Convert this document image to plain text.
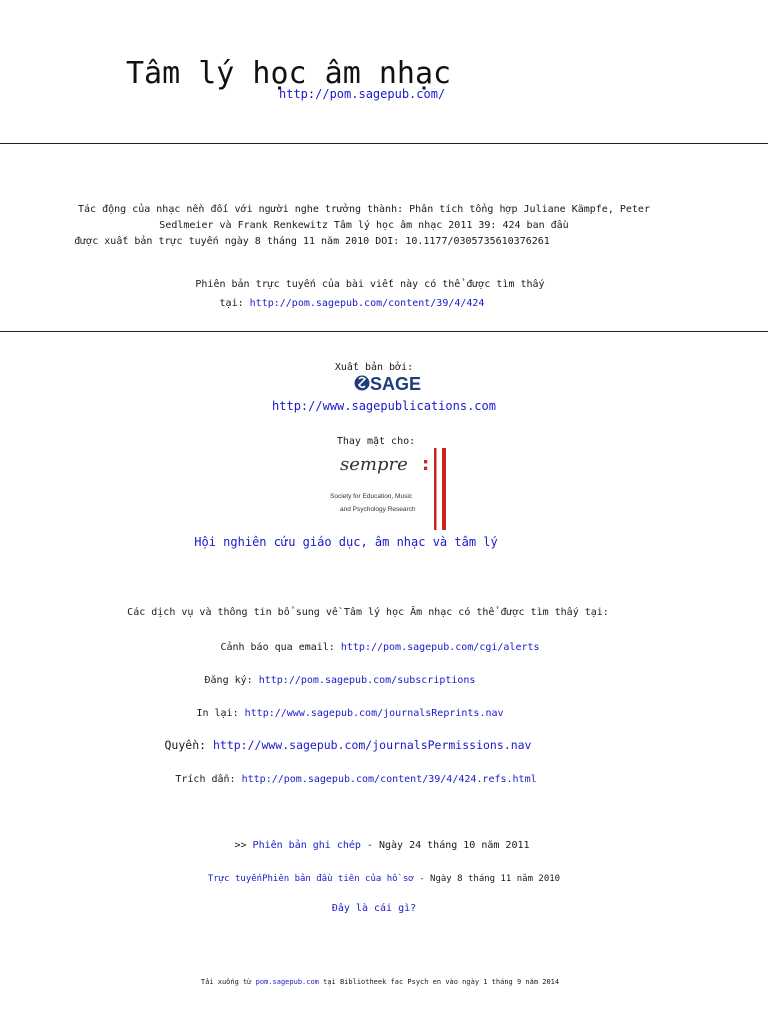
Tâm lý học âm nhạc
http://pom.sagepub.com/
Tác động của nhạc nền đối với người nghe trưởng thành: Phân tích tổng hợp Juliane Kämpfe, Peter
Sedlmeier và Frank Renkewitz Tâm lý học âm nhạc 2011 39: 424 ban đầu
được xuất bản trực tuyến ngày 8 tháng 11 năm 2010 DOI: 10.1177/0305735610376261
Phiên bản trực tuyến của bài viết này có thể được tìm thấy
tại: http://pom.sagepub.com/content/39/4/424
Xuất bản bởi:
SAGE
http://www.sagepublications.com
Thay mặt cho:
sempre :
Society for Education, Music
and Psychology Research
Hội nghiên cứu giáo dục, âm nhạc và tâm lý
Các dịch vụ và thông tin bổ sung về Tâm lý học Âm nhạc có thể được tìm thấy tại:
Cảnh báo qua email: http://pom.sagepub.com/cgi/alerts
Đăng ký: http://pom.sagepub.com/subscriptions
In lại: http://www.sagepub.com/journalsReprints.nav
Quyền: http://www.sagepub.com/journalsPermissions.nav
Trích dẫn: http://pom.sagepub.com/content/39/4/424.refs.html
>> Phiên bản ghi chép - Ngày 24 tháng 10 năm 2011
Trực tuyếnPhiên bản đầu tiên của hồ sơ - Ngày 8 tháng 11 năm 2010
Đây là cái gì?
Tải xuống từ pom.sagepub.com tại Bibliotheek fac Psych en vào ngày 1 tháng 9 năm 2014
